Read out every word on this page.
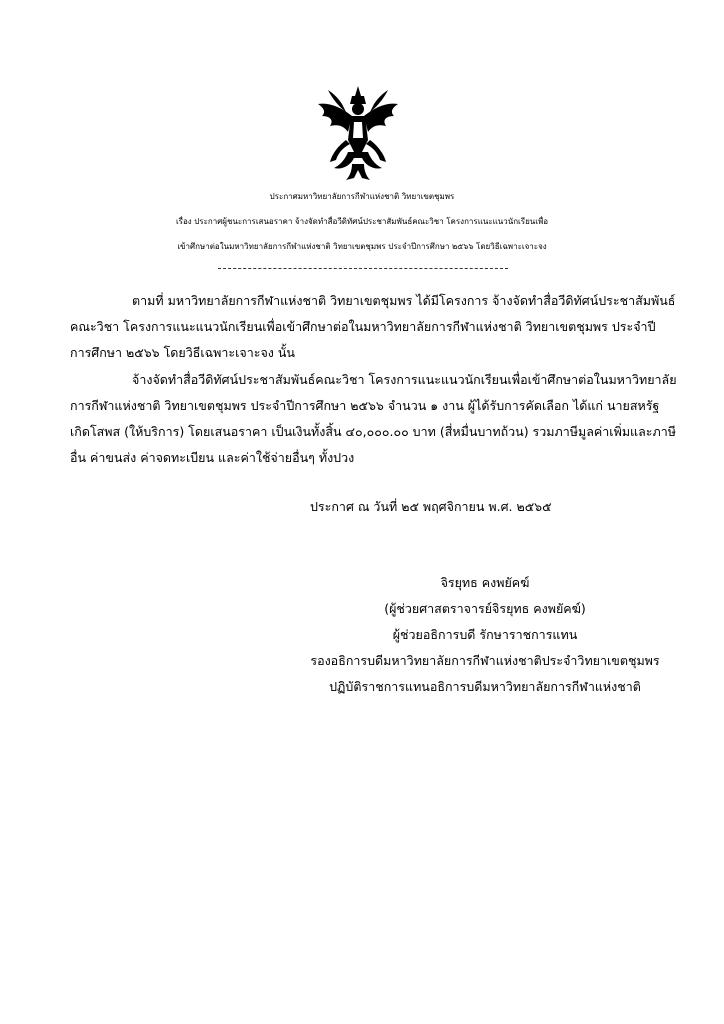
ประกาศมหาวิทยาลัยการกีฬาแห่งชาติ วิทยาเขตชุมพร
เรื่อง ประกาศผู้ชนะการเสนอราคา จ้างจัดทำสื่อวีดิทัศน์ประชาสัมพันธ์คณะวิชา โครงการแนะแนวนักเรียนเพื่อ
เข้าศึกษาต่อในมหาวิทยาลัยการกีฬาแห่งชาติ วิทยาเขตชุมพร ประจำปีการศึกษา ๒๕๖๖ โดยวิธีเฉพาะเจาะจง
ตามที่ มหาวิทยาลัยการกีฬาแห่งชาติ วิทยาเขตชุมพร ได้มีโครงการ จ้างจัดทำสื่อวีดิทัศน์ประชาสัมพันธ์
คณะวิชา โครงการแนะแนวนักเรียนเพื่อเข้าศึกษาต่อในมหาวิทยาลัยการกีฬาแห่งชาติ วิทยาเขตชุมพร ประจำปี
การศึกษา ๒๕๖๖ โดยวิธีเฉพาะเจาะจง นั้น
จ้างจัดทำสื่อวีดิทัศน์ประชาสัมพันธ์คณะวิชา โครงการแนะแนวนักเรียนเพื่อเข้าศึกษาต่อในมหาวิทยาลัย
การกีฬาแห่งชาติ วิทยาเขตชุมพร ประจำปีการศึกษา ๒๕๖๖ จำนวน ๑ งาน ผู้ได้รับการคัดเลือก ได้แก่ นายสหรัฐ
เกิดโสพส (ให้บริการ) โดยเสนอราคา เป็นเงินทั้งสิ้น ๔๐,๐๐๐.๐๐ บาท (สี่หมื่นบาทถ้วน) รวมภาษีมูลค่าเพิ่มและภาษี
อื่น ค่าขนส่ง ค่าจดทะเบียน และค่าใช้จ่ายอื่นๆ ทั้งปวง
ประกาศ ณ วันที่ ๒๕ พฤศจิกายน พ.ศ. ๒๕๖๕
จิรยุทธ คงพยัคฆ์
(ผู้ช่วยศาสตราจารย์จิรยุทธ คงพยัคฆ์)
ผู้ช่วยอธิการบดี รักษาราชการแทน
รองอธิการบดีมหาวิทยาลัยการกีฬาแห่งชาติประจำวิทยาเขตชุมพร
ปฏิบัติราชการแทนอธิการบดีมหาวิทยาลัยการกีฬาแห่งชาติ
